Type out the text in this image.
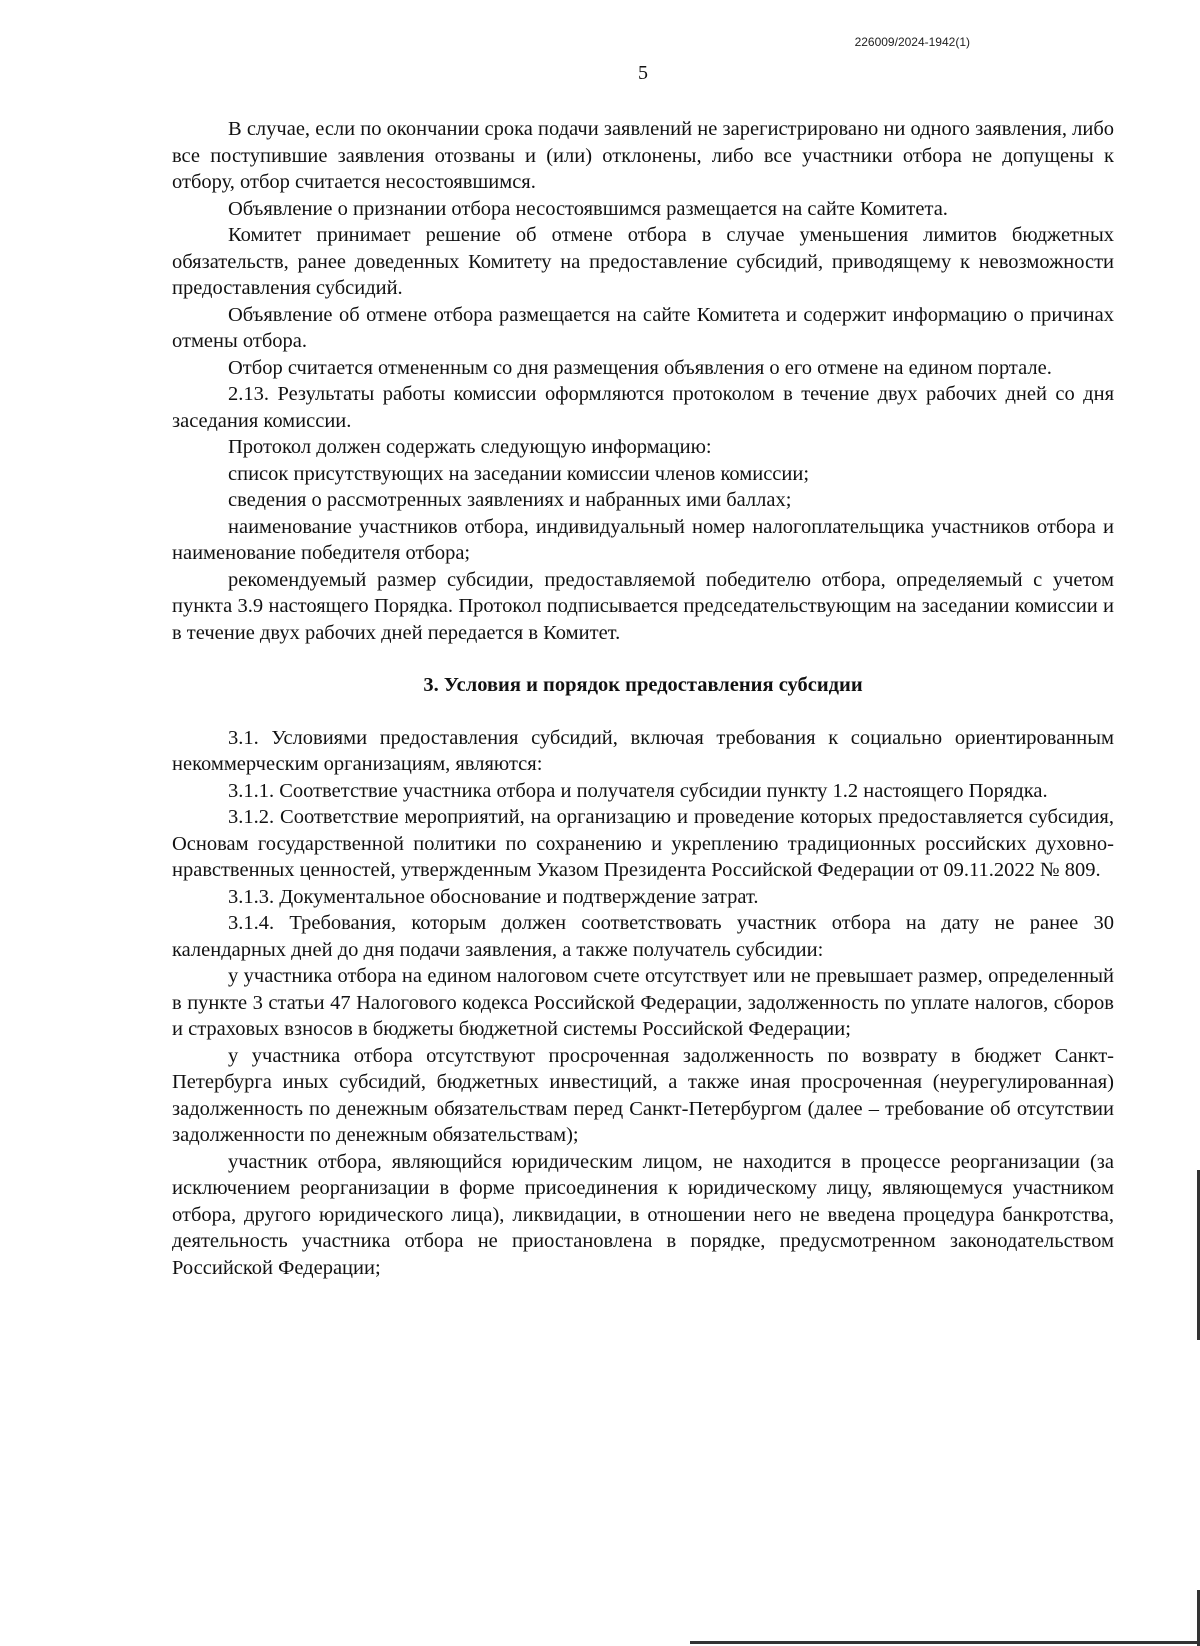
226009/2024-1942(1)
5

В случае, если по окончании срока подачи заявлений не зарегистрировано ни одного заявления, либо все поступившие заявления отозваны и (или) отклонены, либо все участники отбора не допущены к отбору, отбор считается несостоявшимся.

Объявление о признании отбора несостоявшимся размещается на сайте Комитета.

Комитет принимает решение об отмене отбора в случае уменьшения лимитов бюджетных обязательств, ранее доведенных Комитету на предоставление субсидий, приводящему к невозможности предоставления субсидий.

Объявление об отмене отбора размещается на сайте Комитета и содержит информацию о причинах отмены отбора.

Отбор считается отмененным со дня размещения объявления о его отмене на едином портале.

2.13. Результаты работы комиссии оформляются протоколом в течение двух рабочих дней со дня заседания комиссии.

Протокол должен содержать следующую информацию:

список присутствующих на заседании комиссии членов комиссии;

сведения о рассмотренных заявлениях и набранных ими баллах;

наименование участников отбора, индивидуальный номер налогоплательщика участников отбора и наименование победителя отбора;

рекомендуемый размер субсидии, предоставляемой победителю отбора, определяемый с учетом пункта 3.9 настоящего Порядка. Протокол подписывается председательствующим на заседании комиссии и в течение двух рабочих дней передается в Комитет.

3. Условия и порядок предоставления субсидии

3.1. Условиями предоставления субсидий, включая требования к социально ориентированным некоммерческим организациям, являются:

3.1.1. Соответствие участника отбора и получателя субсидии пункту 1.2 настоящего Порядка.

3.1.2. Соответствие мероприятий, на организацию и проведение которых предоставляется субсидия, Основам государственной политики по сохранению и укреплению традиционных российских духовно-нравственных ценностей, утвержденным Указом Президента Российской Федерации от 09.11.2022 № 809.

3.1.3. Документальное обоснование и подтверждение затрат.

3.1.4. Требования, которым должен соответствовать участник отбора на дату не ранее 30 календарных дней до дня подачи заявления, а также получатель субсидии:

у участника отбора на едином налоговом счете отсутствует или не превышает размер, определенный в пункте 3 статьи 47 Налогового кодекса Российской Федерации, задолженность по уплате налогов, сборов и страховых взносов в бюджеты бюджетной системы Российской Федерации;

у участника отбора отсутствуют просроченная задолженность по возврату в бюджет Санкт-Петербурга иных субсидий, бюджетных инвестиций, а также иная просроченная (неурегулированная) задолженность по денежным обязательствам перед Санкт-Петербургом (далее – требование об отсутствии задолженности по денежным обязательствам);

участник отбора, являющийся юридическим лицом, не находится в процессе реорганизации (за исключением реорганизации в форме присоединения к юридическому лицу, являющемуся участником отбора, другого юридического лица), ликвидации, в отношении него не введена процедура банкротства, деятельность участника отбора не приостановлена в порядке, предусмотренном законодательством Российской Федерации;
